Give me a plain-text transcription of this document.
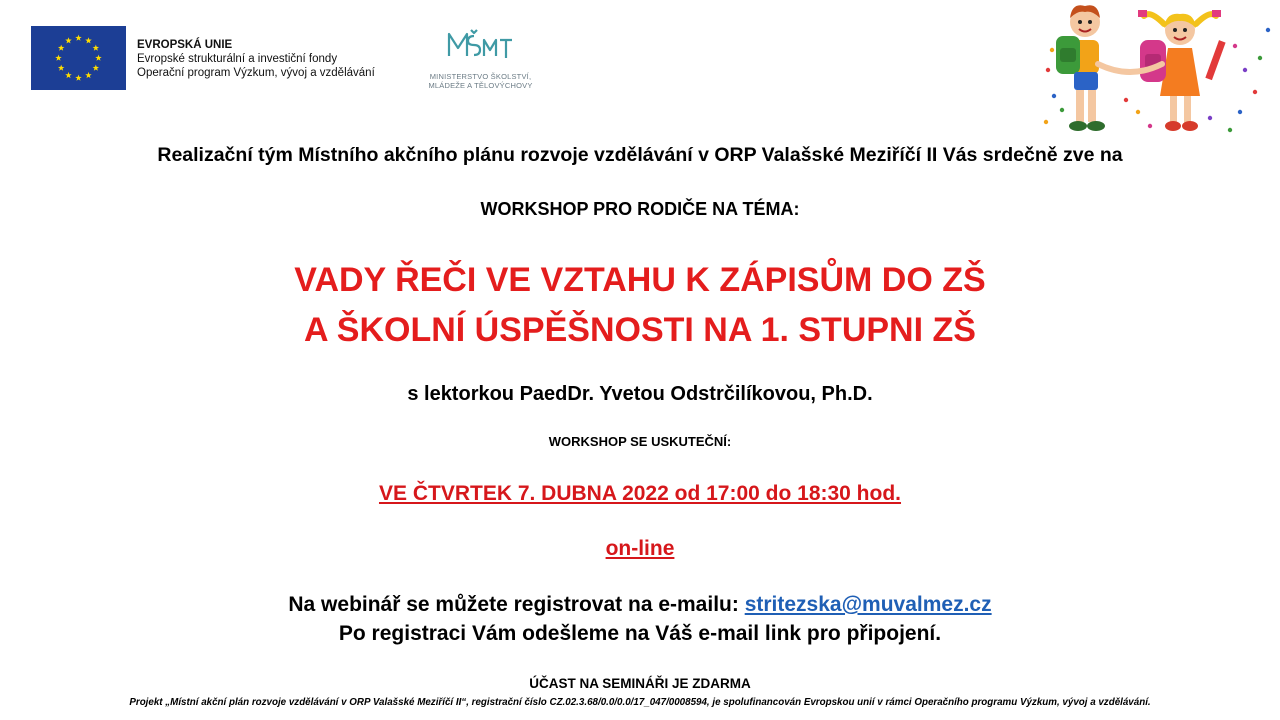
EVROPSKÁ UNIE
Evropské strukturální a investiční fondy
Operační program Výzkum, vývoj a vzdělávání	MINISTERSTVO ŠKOLSTVÍ,
MLÁDEŽE A TĚLOVÝCHOVY
Realizační tým Místního akčního plánu rozvoje vzdělávání v ORP Valašské Meziříčí II Vás srdečně zve na
WORKSHOP PRO RODIČE NA TÉMA:
VADY ŘEČI VE VZTAHU K ZÁPISŮM DO ZŠ
A ŠKOLNÍ ÚSPĚŠNOSTI NA 1. STUPNI ZŠ
s lektorkou PaedDr. Yvetou Odstrčilíkovou, Ph.D.
WORKSHOP SE USKUTEČNÍ:
VE ČTVRTEK 7. DUBNA 2022 od 17:00 do 18:30 hod.
on-line
Na webinář se můžete registrovat na e-mailu: stritezska@muvalmez.cz
Po registraci Vám odešleme na Váš e-mail link pro připojení.
ÚČAST NA SEMINÁŘI JE ZDARMA
Projekt „Místní akční plán rozvoje vzdělávání v ORP Valašské Meziříčí II“, registrační číslo CZ.02.3.68/0.0/0.0/17_047/0008594, je spolufinancován Evropskou unií v rámci Operačního programu Výzkum, vývoj a vzdělávání.
